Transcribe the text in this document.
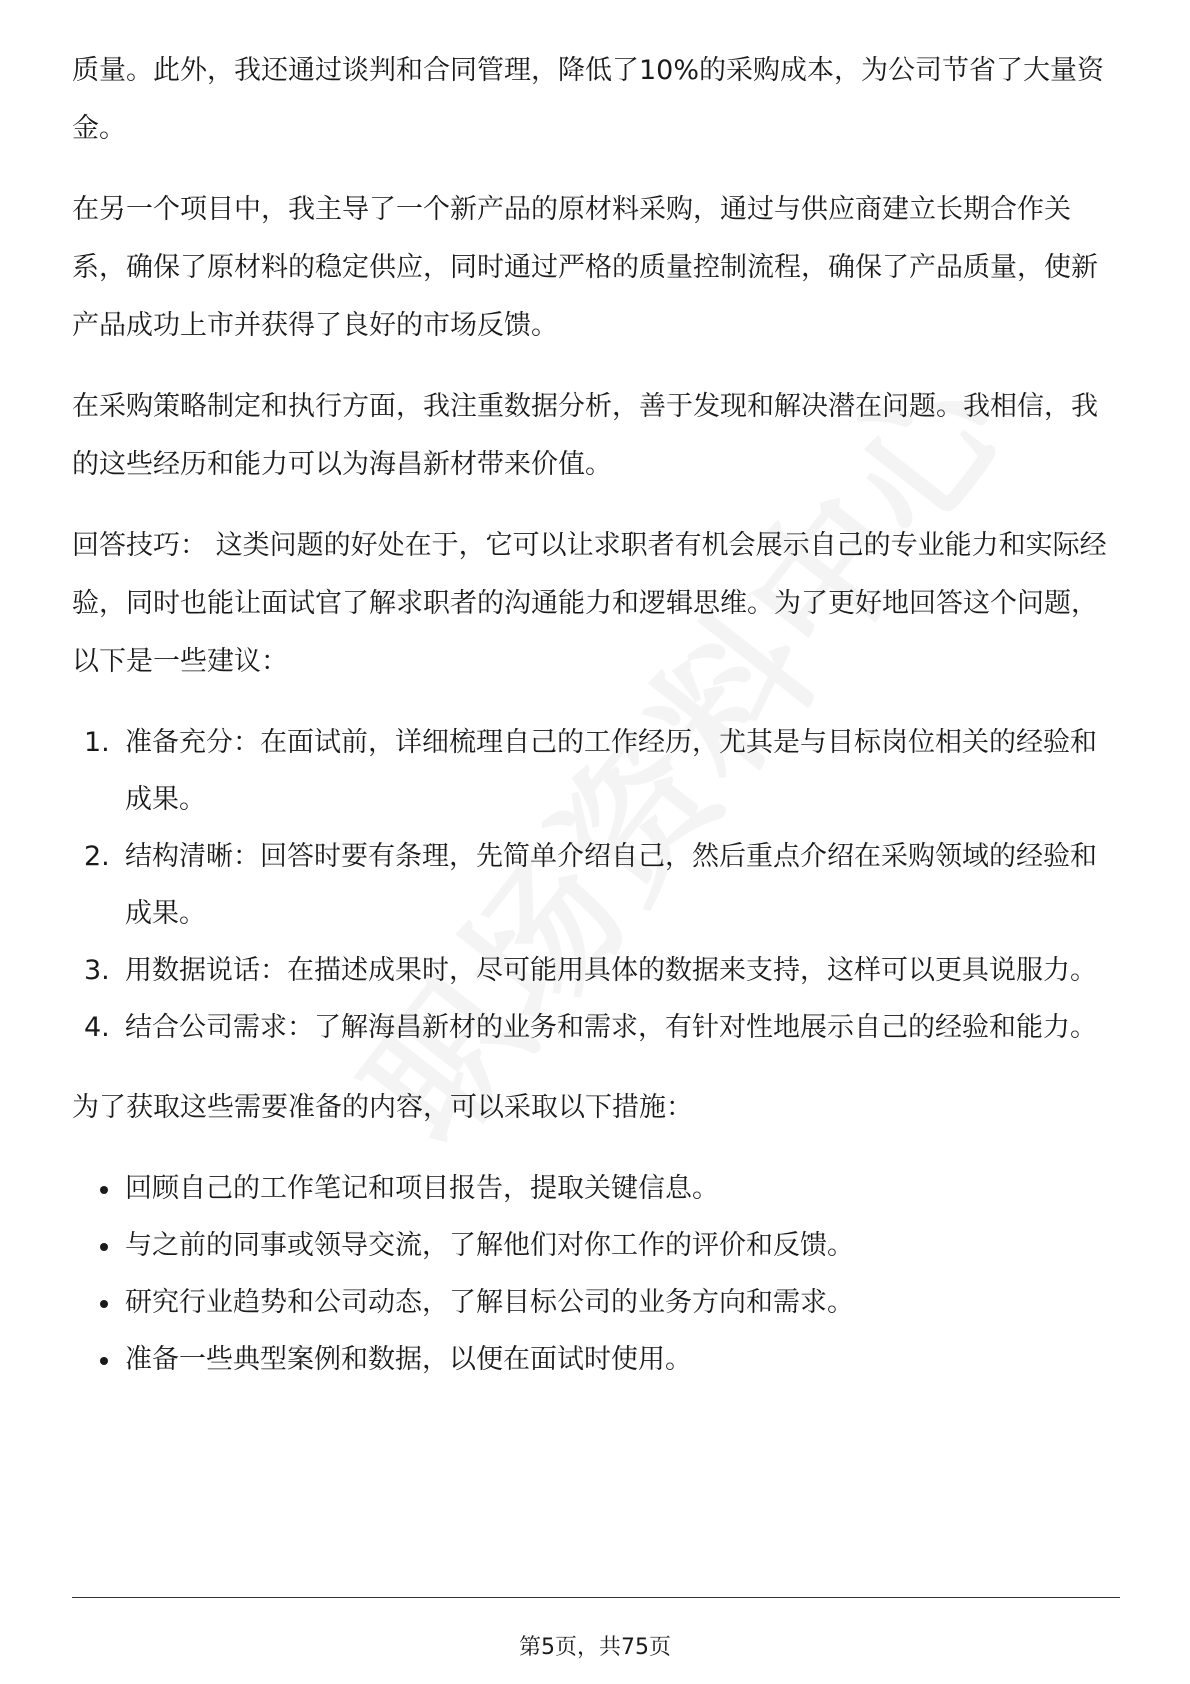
质量。此外，我还通过谈判和合同管理，降低了10%的采购成本，为公司节省了大量资金。

在另一个项目中，我主导了一个新产品的原材料采购，通过与供应商建立长期合作关系，确保了原材料的稳定供应，同时通过严格的质量控制流程，确保了产品质量，使新产品成功上市并获得了良好的市场反馈。

在采购策略制定和执行方面，我注重数据分析，善于发现和解决潜在问题。我相信，我的这些经历和能力可以为海昌新材带来价值。

回答技巧： 这类问题的好处在于，它可以让求职者有机会展示自己的专业能力和实际经验，同时也能让面试官了解求职者的沟通能力和逻辑思维。为了更好地回答这个问题，以下是一些建议：

1. 准备充分：在面试前，详细梳理自己的工作经历，尤其是与目标岗位相关的经验和成果。
2. 结构清晰：回答时要有条理，先简单介绍自己，然后重点介绍在采购领域的经验和成果。
3. 用数据说话：在描述成果时，尽可能用具体的数据来支持，这样可以更具说服力。
4. 结合公司需求：了解海昌新材的业务和需求，有针对性地展示自己的经验和能力。

为了获取这些需要准备的内容，可以采取以下措施：

回顾自己的工作笔记和项目报告，提取关键信息。
与之前的同事或领导交流，了解他们对你工作的评价和反馈。
研究行业趋势和公司动态，了解目标公司的业务方向和需求。
准备一些典型案例和数据，以便在面试时使用。
第5页，共75页
